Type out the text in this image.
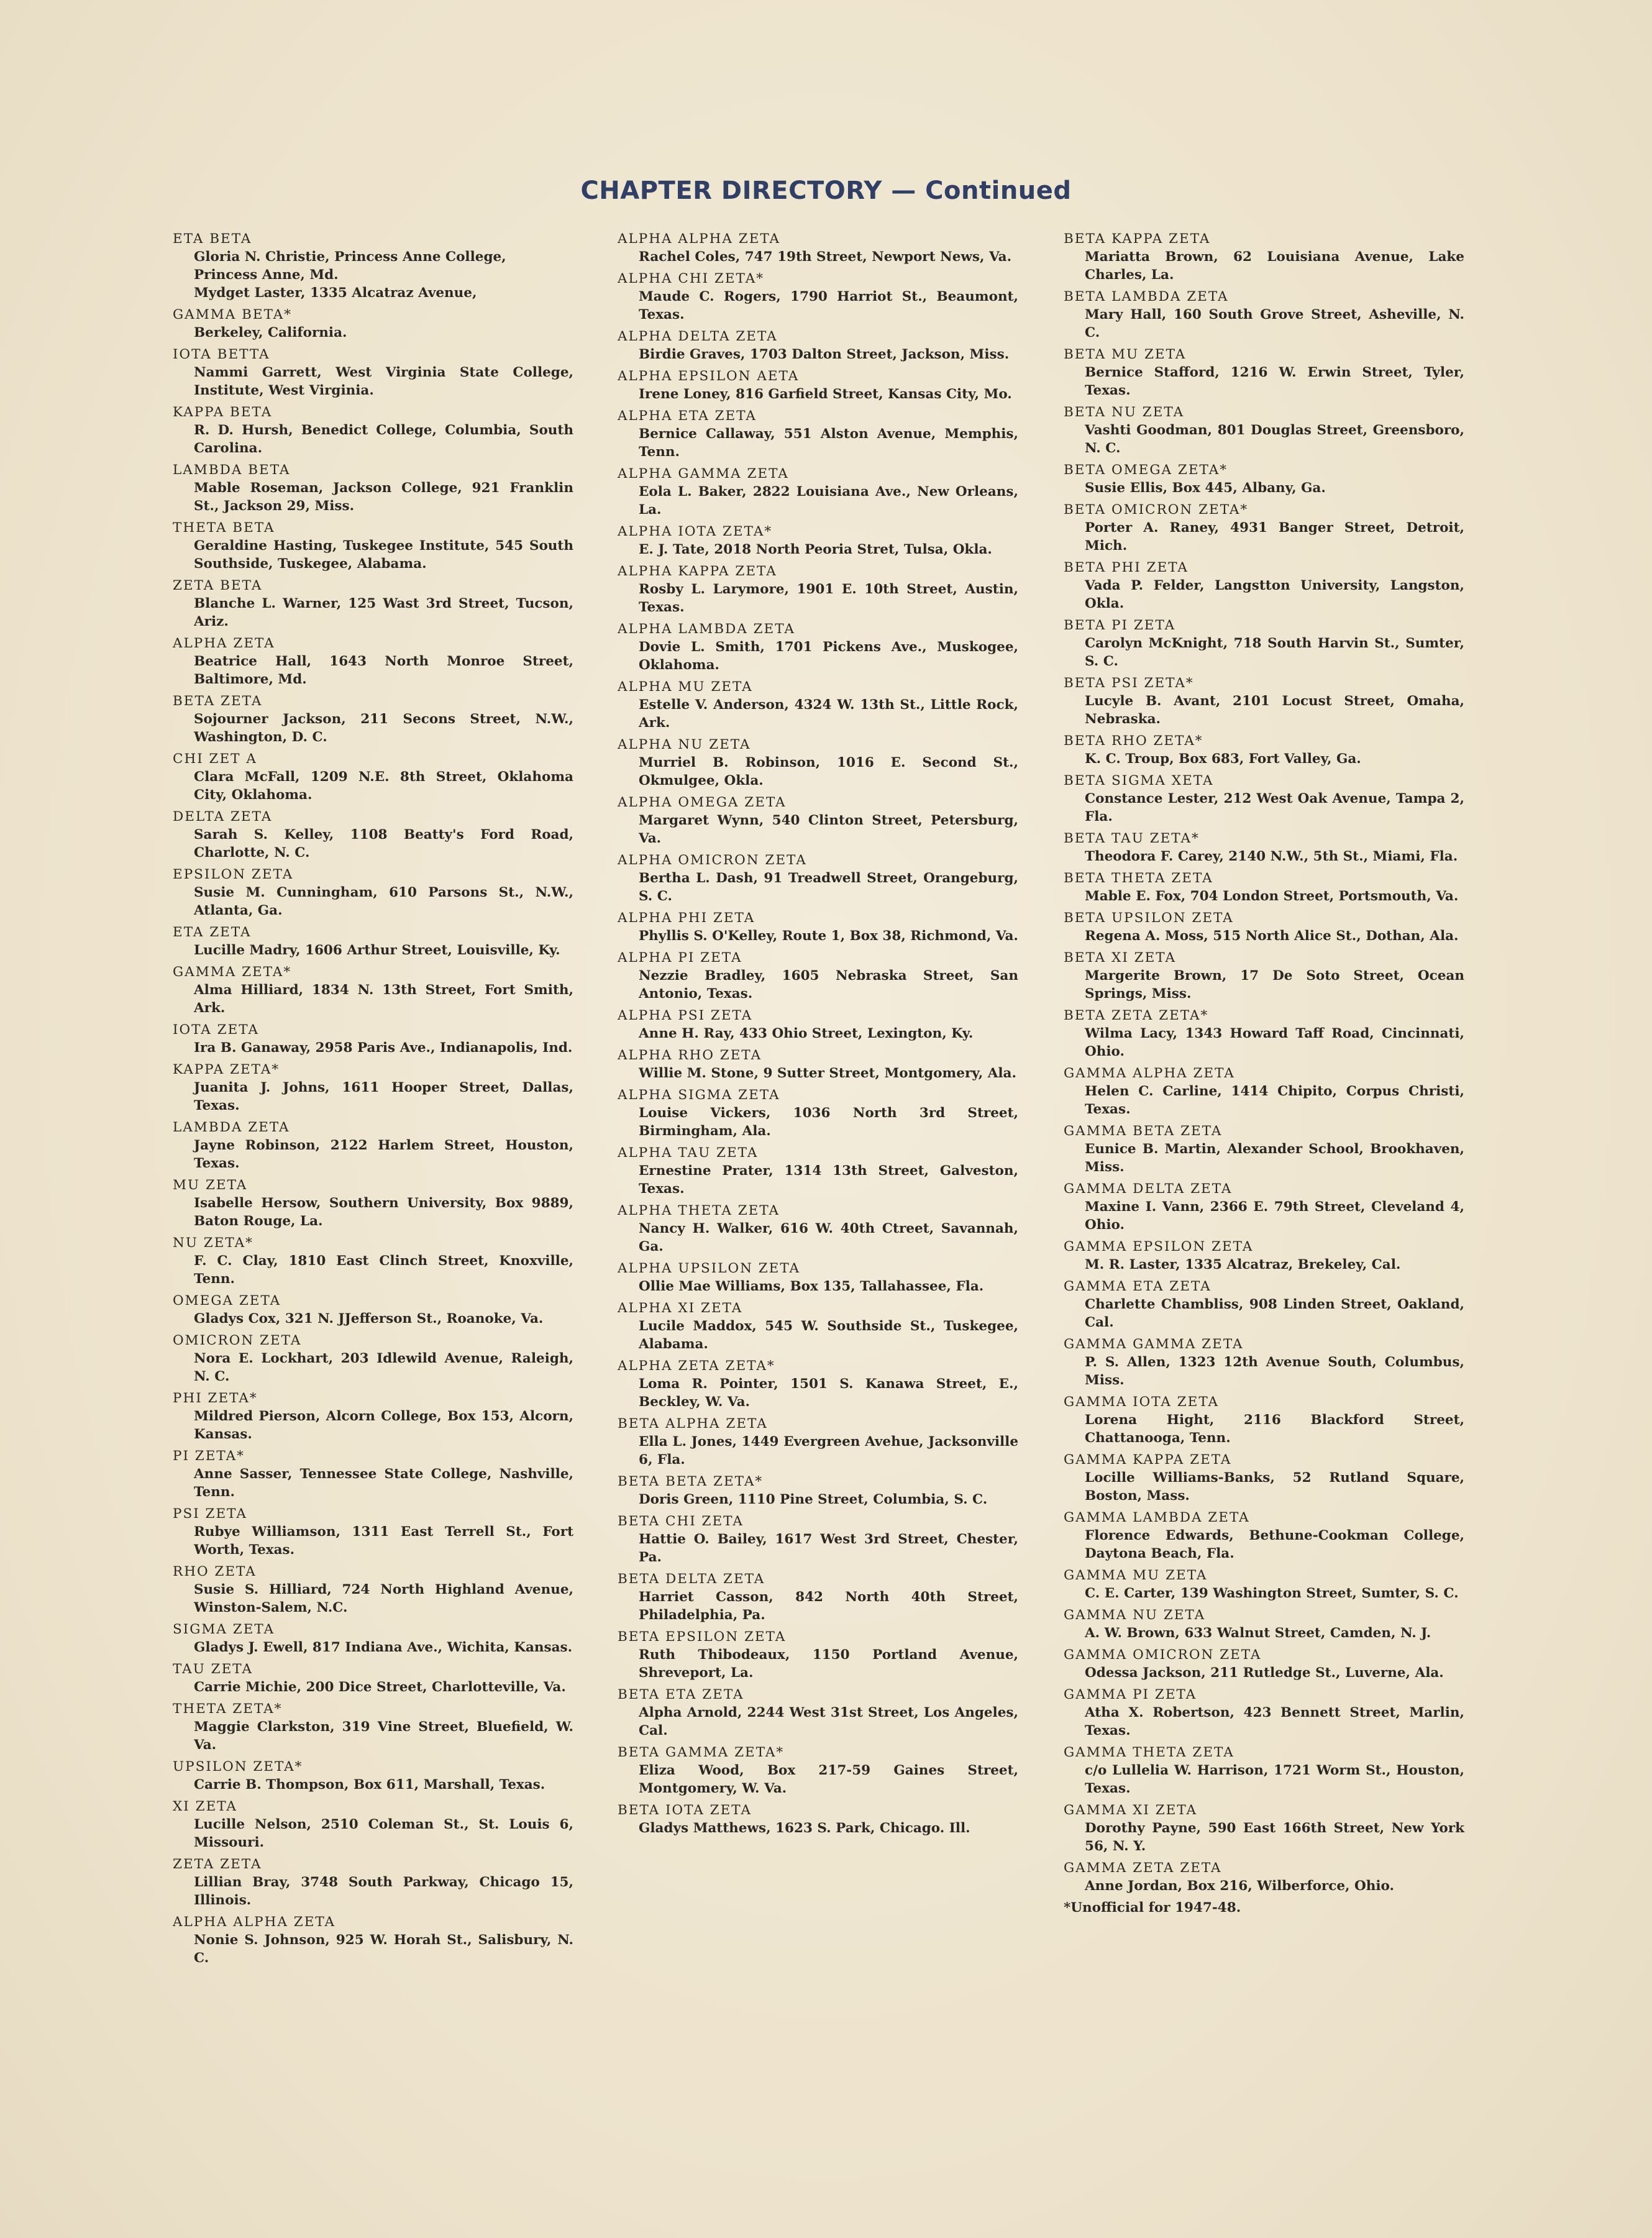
CHAPTER DIRECTORY — Continued
ETA BETA
Gloria N. Christie, Princess Anne College,
Princess Anne, Md.
Mydget Laster, 1335 Alcatraz Avenue,
GAMMA BETA*
Berkeley, California.
IOTA BETTA
Nammi Garrett, West Virginia State College, Institute, West Virginia.
KAPPA BETA
R. D. Hursh, Benedict College, Columbia, South Carolina.
LAMBDA BETA
Mable Roseman, Jackson College, 921 Franklin St., Jackson 29, Miss.
THETA BETA
Geraldine Hasting, Tuskegee Institute, 545 South Southside, Tuskegee, Alabama.
ZETA BETA
Blanche L. Warner, 125 Wast 3rd Street, Tucson, Ariz.
ALPHA ZETA
Beatrice Hall, 1643 North Monroe Street, Baltimore, Md.
BETA ZETA
Sojourner Jackson, 211 Secons Street, N.W., Washington, D. C.
CHI ZET A
Clara McFall, 1209 N.E. 8th Street, Oklahoma City, Oklahoma.
DELTA ZETA
Sarah S. Kelley, 1108 Beatty's Ford Road, Charlotte, N. C.
EPSILON ZETA
Susie M. Cunningham, 610 Parsons St., N.W., Atlanta, Ga.
ETA ZETA
Lucille Madry, 1606 Arthur Street, Louisville, Ky.
GAMMA ZETA*
Alma Hilliard, 1834 N. 13th Street, Fort Smith, Ark.
IOTA ZETA
Ira B. Ganaway, 2958 Paris Ave., Indianapolis, Ind.
KAPPA ZETA*
Juanita J. Johns, 1611 Hooper Street, Dallas, Texas.
LAMBDA ZETA
Jayne Robinson, 2122 Harlem Street, Houston, Texas.
MU ZETA
Isabelle Hersow, Southern University, Box 9889, Baton Rouge, La.
NU ZETA*
F. C. Clay, 1810 East Clinch Street, Knoxville, Tenn.
OMEGA ZETA
Gladys Cox, 321 N. JJefferson St., Roanoke, Va.
OMICRON ZETA
Nora E. Lockhart, 203 Idlewild Avenue, Raleigh, N. C.
PHI ZETA*
Mildred Pierson, Alcorn College, Box 153, Alcorn, Kansas.
PI ZETA*
Anne Sasser, Tennessee State College, Nashville, Tenn.
PSI ZETA
Rubye Williamson, 1311 East Terrell St., Fort Worth, Texas.
RHO ZETA
Susie S. Hilliard, 724 North Highland Avenue, Winston-Salem, N.C.
SIGMA ZETA
Gladys J. Ewell, 817 Indiana Ave., Wichita, Kansas.
TAU ZETA
Carrie Michie, 200 Dice Street, Charlotteville, Va.
THETA ZETA*
Maggie Clarkston, 319 Vine Street, Bluefield, W. Va.
UPSILON ZETA*
Carrie B. Thompson, Box 611, Marshall, Texas.
XI ZETA
Lucille Nelson, 2510 Coleman St., St. Louis 6, Missouri.
ZETA ZETA
Lillian Bray, 3748 South Parkway, Chicago 15, Illinois.
ALPHA ALPHA ZETA
Nonie S. Johnson, 925 W. Horah St., Salisbury, N. C.
ALPHA ALPHA ZETA
Rachel Coles, 747 19th Street, Newport News, Va.
ALPHA CHI ZETA*
Maude C. Rogers, 1790 Harriot St., Beaumont, Texas.
ALPHA DELTA ZETA
Birdie Graves, 1703 Dalton Street, Jackson, Miss.
ALPHA EPSILON AETA
Irene Loney, 816 Garfield Street, Kansas City, Mo.
ALPHA ETA ZETA
Bernice Callaway, 551 Alston Avenue, Memphis, Tenn.
ALPHA GAMMA ZETA
Eola L. Baker, 2822 Louisiana Ave., New Orleans, La.
ALPHA IOTA ZETA*
E. J. Tate, 2018 North Peoria Stret, Tulsa, Okla.
ALPHA KAPPA ZETA
Rosby L. Larymore, 1901 E. 10th Street, Austin, Texas.
ALPHA LAMBDA ZETA
Dovie L. Smith, 1701 Pickens Ave., Muskogee, Oklahoma.
ALPHA MU ZETA
Estelle V. Anderson, 4324 W. 13th St., Little Rock, Ark.
ALPHA NU ZETA
Murriel B. Robinson, 1016 E. Second St., Okmulgee, Okla.
ALPHA OMEGA ZETA
Margaret Wynn, 540 Clinton Street, Petersburg, Va.
ALPHA OMICRON ZETA
Bertha L. Dash, 91 Treadwell Street, Orangeburg, S. C.
ALPHA PHI ZETA
Phyllis S. O'Kelley, Route 1, Box 38, Richmond, Va.
ALPHA PI ZETA
Nezzie Bradley, 1605 Nebraska Street, San Antonio, Texas.
ALPHA PSI ZETA
Anne H. Ray, 433 Ohio Street, Lexington, Ky.
ALPHA RHO ZETA
Willie M. Stone, 9 Sutter Street, Montgomery, Ala.
ALPHA SIGMA ZETA
Louise Vickers, 1036 North 3rd Street, Birmingham, Ala.
ALPHA TAU ZETA
Ernestine Prater, 1314 13th Street, Galveston, Texas.
ALPHA THETA ZETA
Nancy H. Walker, 616 W. 40th Ctreet, Savannah, Ga.
ALPHA UPSILON ZETA
Ollie Mae Williams, Box 135, Tallahassee, Fla.
ALPHA XI ZETA
Lucile Maddox, 545 W. Southside St., Tuskegee, Alabama.
ALPHA ZETA ZETA*
Loma R. Pointer, 1501 S. Kanawa Street, E., Beckley, W. Va.
BETA ALPHA ZETA
Ella L. Jones, 1449 Evergreen Avehue, Jacksonville 6, Fla.
BETA BETA ZETA*
Doris Green, 1110 Pine Street, Columbia, S. C.
BETA CHI ZETA
Hattie O. Bailey, 1617 West 3rd Street, Chester, Pa.
BETA DELTA ZETA
Harriet Casson, 842 North 40th Street, Philadelphia, Pa.
BETA EPSILON ZETA
Ruth Thibodeaux, 1150 Portland Avenue, Shreveport, La.
BETA ETA ZETA
Alpha Arnold, 2244 West 31st Street, Los Angeles, Cal.
BETA GAMMA ZETA*
Eliza Wood, Box 217-59 Gaines Street, Montgomery, W. Va.
BETA IOTA ZETA
Gladys Matthews, 1623 S. Park, Chicago. Ill.
BETA KAPPA ZETA
Mariatta Brown, 62 Louisiana Avenue, Lake Charles, La.
BETA LAMBDA ZETA
Mary Hall, 160 South Grove Street, Asheville, N. C.
BETA MU ZETA
Bernice Stafford, 1216 W. Erwin Street, Tyler, Texas.
BETA NU ZETA
Vashti Goodman, 801 Douglas Street, Greensboro, N. C.
BETA OMEGA ZETA*
Susie Ellis, Box 445, Albany, Ga.
BETA OMICRON ZETA*
Porter A. Raney, 4931 Banger Street, Detroit, Mich.
BETA PHI ZETA
Vada P. Felder, Langstton University, Langston, Okla.
BETA PI ZETA
Carolyn McKnight, 718 South Harvin St., Sumter, S. C.
BETA PSI ZETA*
Lucyle B. Avant, 2101 Locust Street, Omaha, Nebraska.
BETA RHO ZETA*
K. C. Troup, Box 683, Fort Valley, Ga.
BETA SIGMA XETA
Constance Lester, 212 West Oak Avenue, Tampa 2, Fla.
BETA TAU ZETA*
Theodora F. Carey, 2140 N.W., 5th St., Miami, Fla.
BETA THETA ZETA
Mable E. Fox, 704 London Street, Portsmouth, Va.
BETA UPSILON ZETA
Regena A. Moss, 515 North Alice St., Dothan, Ala.
BETA XI ZETA
Margerite Brown, 17 De Soto Street, Ocean Springs, Miss.
BETA ZETA ZETA*
Wilma Lacy, 1343 Howard Taff Road, Cincinnati, Ohio.
GAMMA ALPHA ZETA
Helen C. Carline, 1414 Chipito, Corpus Christi, Texas.
GAMMA BETA ZETA
Eunice B. Martin, Alexander School, Brookhaven, Miss.
GAMMA DELTA ZETA
Maxine I. Vann, 2366 E. 79th Street, Cleveland 4, Ohio.
GAMMA EPSILON ZETA
M. R. Laster, 1335 Alcatraz, Brekeley, Cal.
GAMMA ETA ZETA
Charlette Chambliss, 908 Linden Street, Oakland, Cal.
GAMMA GAMMA ZETA
P. S. Allen, 1323 12th Avenue South, Columbus, Miss.
GAMMA IOTA ZETA
Lorena Hight, 2116 Blackford Street, Chattanooga, Tenn.
GAMMA KAPPA ZETA
Locille Williams-Banks, 52 Rutland Square, Boston, Mass.
GAMMA LAMBDA ZETA
Florence Edwards, Bethune-Cookman College, Daytona Beach, Fla.
GAMMA MU ZETA
C. E. Carter, 139 Washington Street, Sumter, S. C.
GAMMA NU ZETA
A. W. Brown, 633 Walnut Street, Camden, N. J.
GAMMA OMICRON ZETA
Odessa Jackson, 211 Rutledge St., Luverne, Ala.
GAMMA PI ZETA
Atha X. Robertson, 423 Bennett Street, Marlin, Texas.
GAMMA THETA ZETA
c/o Lullelia W. Harrison, 1721 Worm St., Houston, Texas.
GAMMA XI ZETA
Dorothy Payne, 590 East 166th Street, New York 56, N. Y.
GAMMA ZETA ZETA
Anne Jordan, Box 216, Wilberforce, Ohio.
*Unofficial for 1947-48.
